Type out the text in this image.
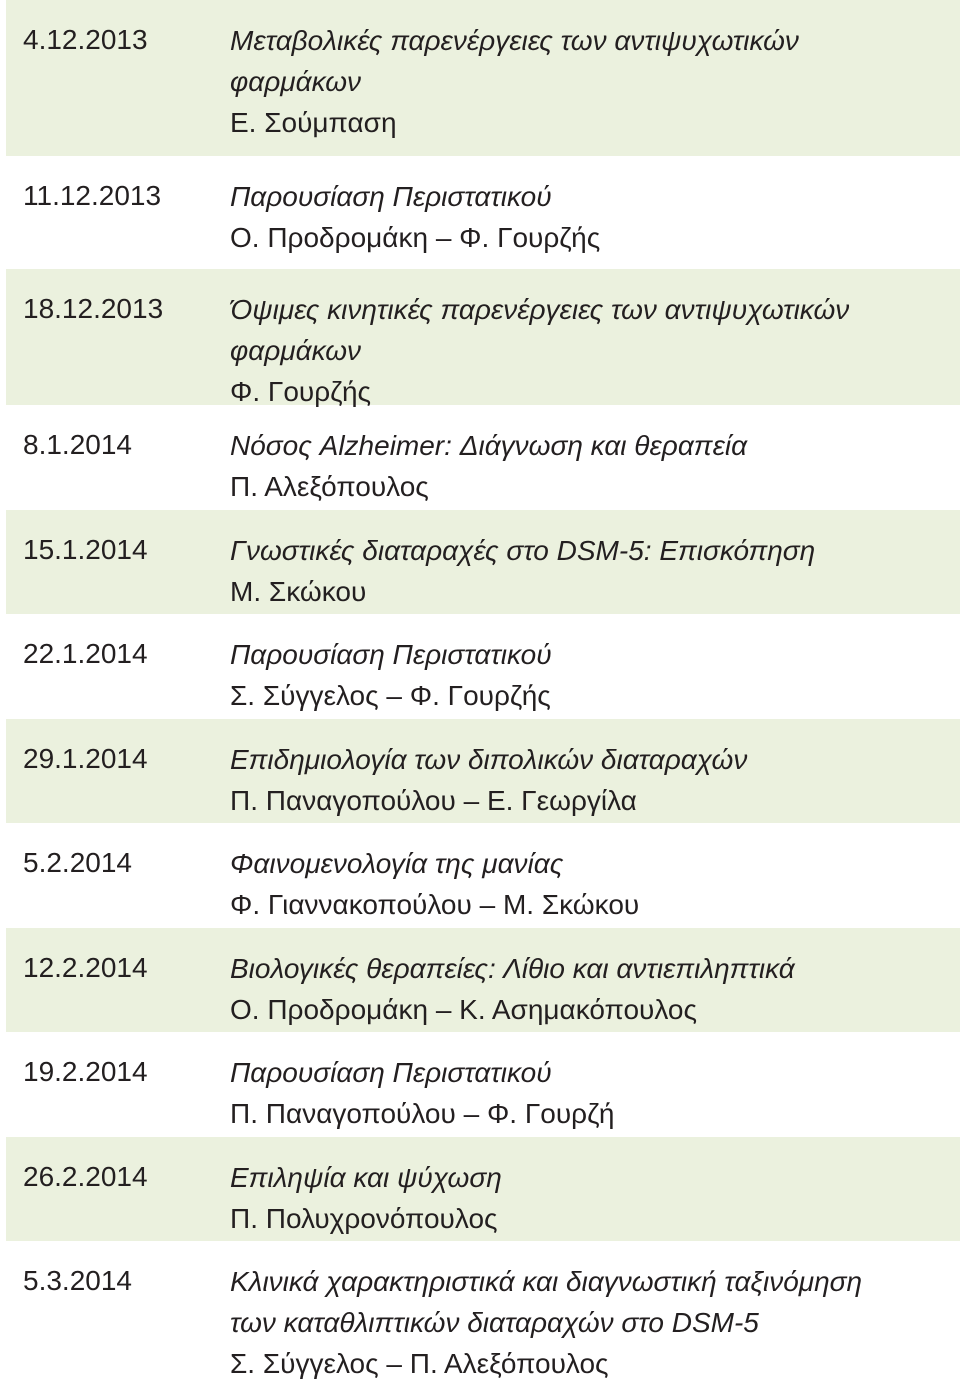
4.12.2013	Μεταβολικές παρενέργειες των αντιψυχωτικών
φαρμάκων
Ε. Σούμπαση
11.12.2013 Παρουσίαση Περιστατικού
Ο. Προδρομάκη – Φ. Γουρζής
18.12.2013 Όψιμες κινητικές παρενέργειες των αντιψυχωτικών
φαρμάκων
Φ. Γουρζής
8.1.2014	Νόσος Alzheimer: Διάγνωση και θεραπεία
Π. Αλεξόπουλος
15.1.2014	Γνωστικές διαταραχές στο DSM-5: Επισκόπηση
Μ. Σκώκου
22.1.2014	Παρουσίαση Περιστατικού
Σ. Σύγγελος – Φ. Γουρζής
29.1.2014	Επιδημιολογία των διπολικών διαταραχών
Π. Παναγοπούλου – Ε. Γεωργίλα
5.2.2014	Φαινομενολογία της μανίας
Φ. Γιαννακοπούλου – Μ. Σκώκου
12.2.2014	Βιολογικές θεραπείες: Λίθιο και αντιεπιληπτικά
Ο. Προδρομάκη – Κ. Ασημακόπουλος
19.2.2014	Παρουσίαση Περιστατικού
Π. Παναγοπούλου – Φ. Γουρζή
26.2.2014	Επιληψία και ψύχωση
Π. Πολυχρονόπουλος
5.3.2014	Κλινικά χαρακτηριστικά και διαγνωστική ταξινόμηση
των καταθλιπτικών διαταραχών στο DSM-5
Σ. Σύγγελος – Π. Αλεξόπουλος
